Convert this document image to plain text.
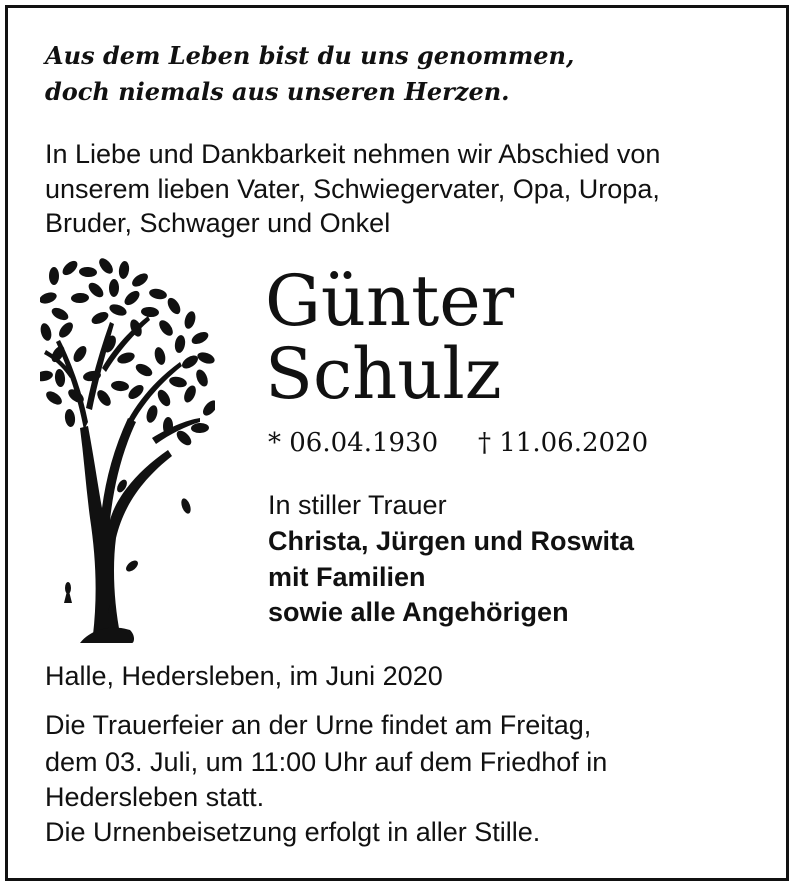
Aus dem Leben bist du uns genommen,
doch niemals aus unseren Herzen.
In Liebe und Dankbarkeit nehmen wir Abschied von
unserem lieben Vater, Schwiegervater, Opa, Uropa,
Bruder, Schwager und Onkel
Günter
Schulz
* 06.04.1930 † 11.06.2020
In stiller Trauer
Christa, Jürgen und Roswita
mit Familien
sowie alle Angehörigen
Halle, Hedersleben, im Juni 2020
Die Trauerfeier an der Urne findet am Freitag,
dem 03. Juli, um 11:00 Uhr auf dem Friedhof in
Hedersleben statt.
Die Urnenbeisetzung erfolgt in aller Stille.
